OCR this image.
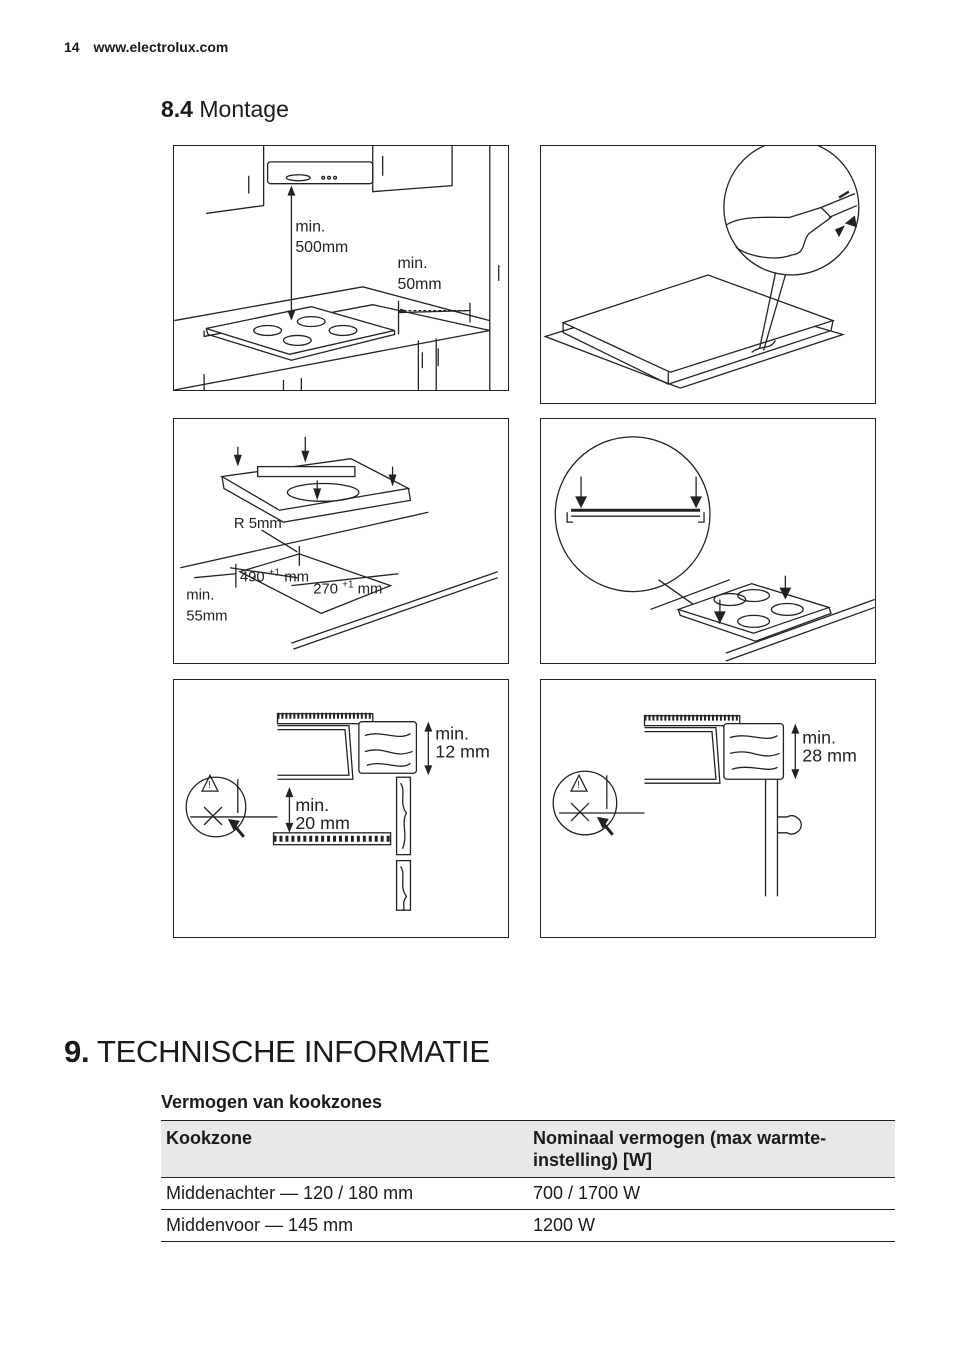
14 www.electrolux.com
8.4 Montage
min.
500mm
min.
50mm
R 5mm
490 $^{+1}$ mm
270 $^{+1}$ mm
min.
55mm
!
min.
12 mm
min.
20 mm
!
min.
28 mm
9. TECHNISCHE INFORMATIE
Vermogen van kookzones
Kookzone	Nominaal vermogen (max warmte-instelling) [W]
Middenachter — 120 / 180 mm	700 / 1700 W
Middenvoor — 145 mm	1200 W
